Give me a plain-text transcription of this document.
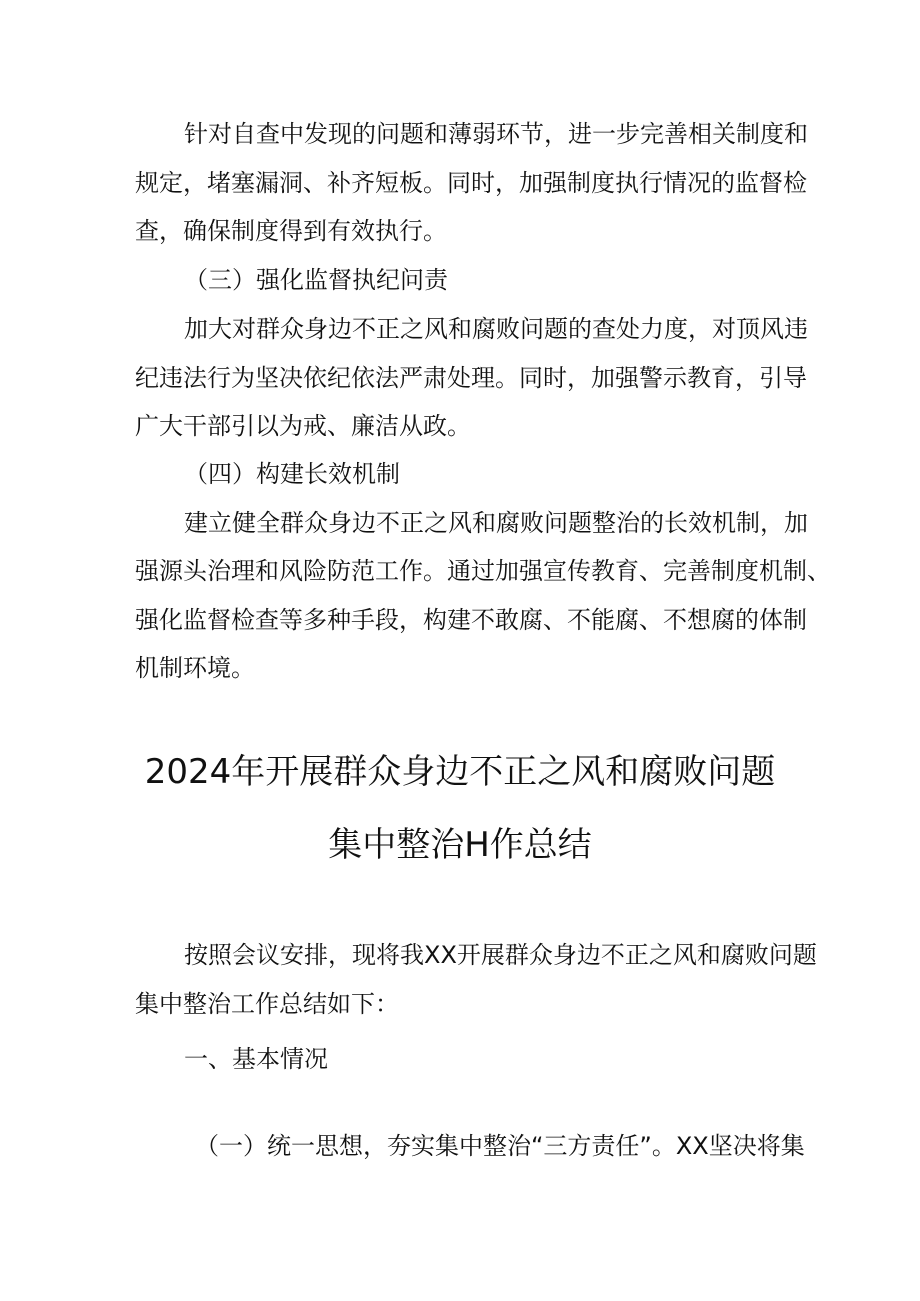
针对自查中发现的问题和薄弱环节，进一步完善相关制度和
规定，堵塞漏洞、补齐短板。同时，加强制度执行情况的监督检
查，确保制度得到有效执行。
（三）强化监督执纪问责
加大对群众身边不正之风和腐败问题的查处力度，对顶风违
纪违法行为坚决依纪依法严肃处理。同时，加强警示教育，引导
广大干部引以为戒、廉洁从政。
（四）构建长效机制
建立健全群众身边不正之风和腐败问题整治的长效机制，加
强源头治理和风险防范工作。通过加强宣传教育、完善制度机制、
强化监督检查等多种手段，构建不敢腐、不能腐、不想腐的体制
机制环境。
2024年开展群众身边不正之风和腐败问题
集中整治H作总结
按照会议安排，现将我XX开展群众身边不正之风和腐败问题
集中整治工作总结如下：
一、基本情况
（一）统一思想，夯实集中整治“三方责任”。XX坚决将集
